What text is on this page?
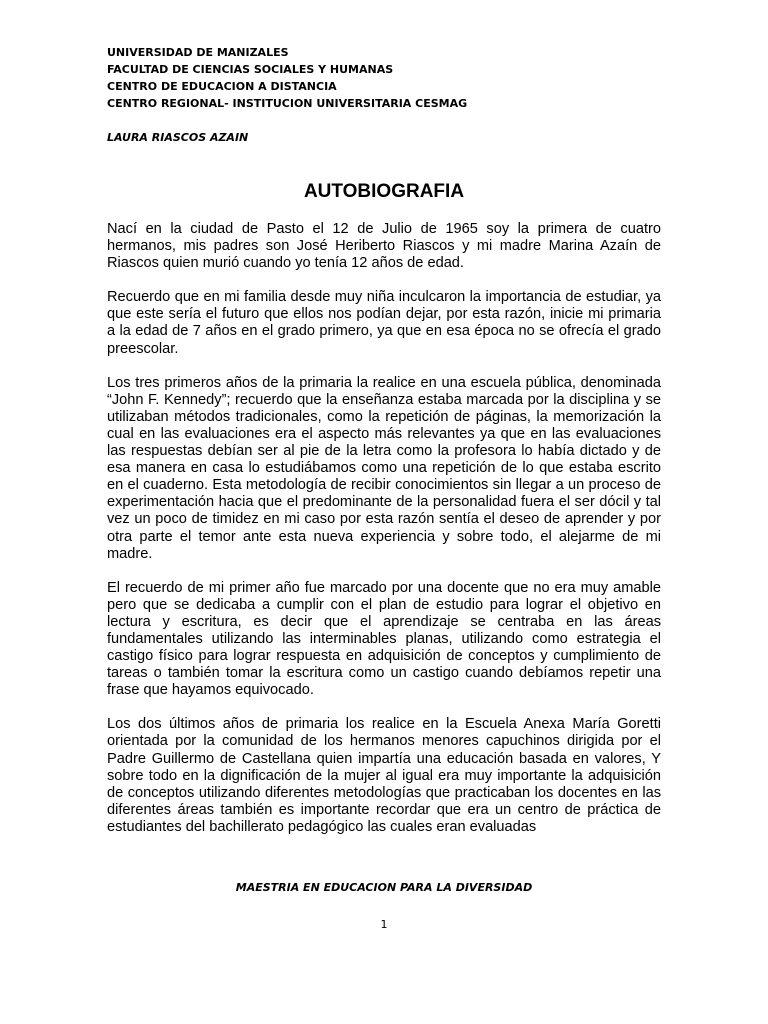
UNIVERSIDAD DE MANIZALES
FACULTAD DE CIENCIAS SOCIALES Y HUMANAS
CENTRO DE EDUCACION A DISTANCIA
CENTRO REGIONAL- INSTITUCION UNIVERSITARIA CESMAG
LAURA RIASCOS AZAIN
AUTOBIOGRAFIA

Nací en la ciudad de Pasto el 12 de Julio de 1965 soy la primera de cuatro hermanos, mis padres son José Heriberto Riascos y mi madre Marina Azaín de Riascos quien murió cuando yo tenía 12 años de edad.

Recuerdo que en mi familia desde muy niña inculcaron la importancia de estudiar, ya que este sería el futuro que ellos nos podían dejar, por esta razón, inicie mi primaria a la edad de 7 años en el grado primero, ya que en esa época no se ofrecía el grado preescolar.

Los tres primeros años de la primaria la realice en una escuela pública, denominada “John F. Kennedy”; recuerdo que la enseñanza estaba marcada por la disciplina y se utilizaban métodos tradicionales, como la repetición de páginas, la memorización la cual en las evaluaciones era el aspecto más relevantes ya que en las evaluaciones las respuestas debían ser al pie de la letra como la profesora lo había dictado y de esa manera en casa lo estudiábamos como una repetición de lo que estaba escrito en el cuaderno. Esta metodología de recibir conocimientos sin llegar a un proceso de experimentación hacia que el predominante de la personalidad fuera el ser dócil y tal vez un poco de timidez en mi caso por esta razón sentía el deseo de aprender y por otra parte el temor ante esta nueva experiencia y sobre todo, el alejarme de mi madre.

El recuerdo de mi primer año fue marcado por una docente que no era muy amable pero que se dedicaba a cumplir con el plan de estudio para lograr el objetivo en lectura y escritura, es decir que el aprendizaje se centraba en las áreas fundamentales utilizando las interminables planas, utilizando como estrategia el castigo físico para lograr respuesta en adquisición de conceptos y cumplimiento de tareas o también tomar la escritura como un castigo cuando debíamos repetir una frase que hayamos equivocado.

Los dos últimos años de primaria los realice en la Escuela Anexa María Goretti orientada por la comunidad de los hermanos menores capuchinos dirigida por el Padre Guillermo de Castellana quien impartía una educación basada en valores, Y sobre todo en la dignificación de la mujer al igual era muy importante la adquisición de conceptos utilizando diferentes metodologías que practicaban los docentes en las diferentes áreas también es importante recordar que era un centro de práctica de estudiantes del bachillerato pedagógico las cuales eran evaluadas

MAESTRIA EN EDUCACION PARA LA DIVERSIDAD
1
